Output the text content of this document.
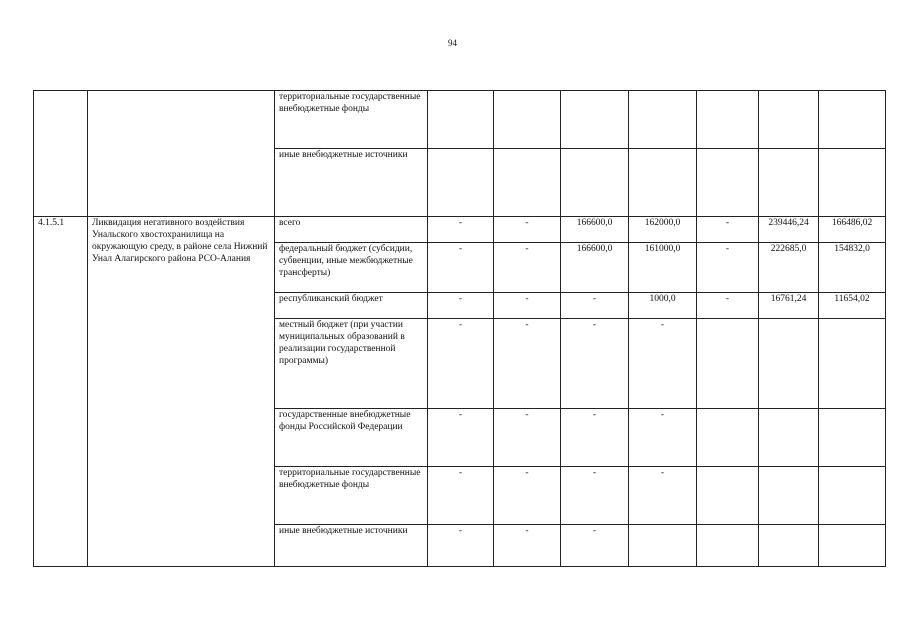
94
		территориальные государственные внебюджетные фонды							
		иные внебюджетные источники							
4.1.5.1	Ликвидация негативного воздействия Унальского хвостохранилища на окружающую среду, в районе села Нижний Унал Алагирского района РСО-Алания	всего	-	-	166600,0	162000,0	-	239446,24	166486,02
		федеральный бюджет (субсидии, субвенции, иные межбюджетные трансферты)	-	-	166600,0	161000,0	-	222685,0	154832,0
		республиканский бюджет	-	-	-	1000,0	-	16761,24	11654,02
		местный бюджет (при участии муниципальных образований в реализации государственной программы)	-	-	-	-			
		государственные внебюджетные фонды Российской Федерации	-	-	-	-			
		территориальные государственные внебюджетные фонды	-	-	-	-			
		иные внебюджетные источники	-	-	-				
